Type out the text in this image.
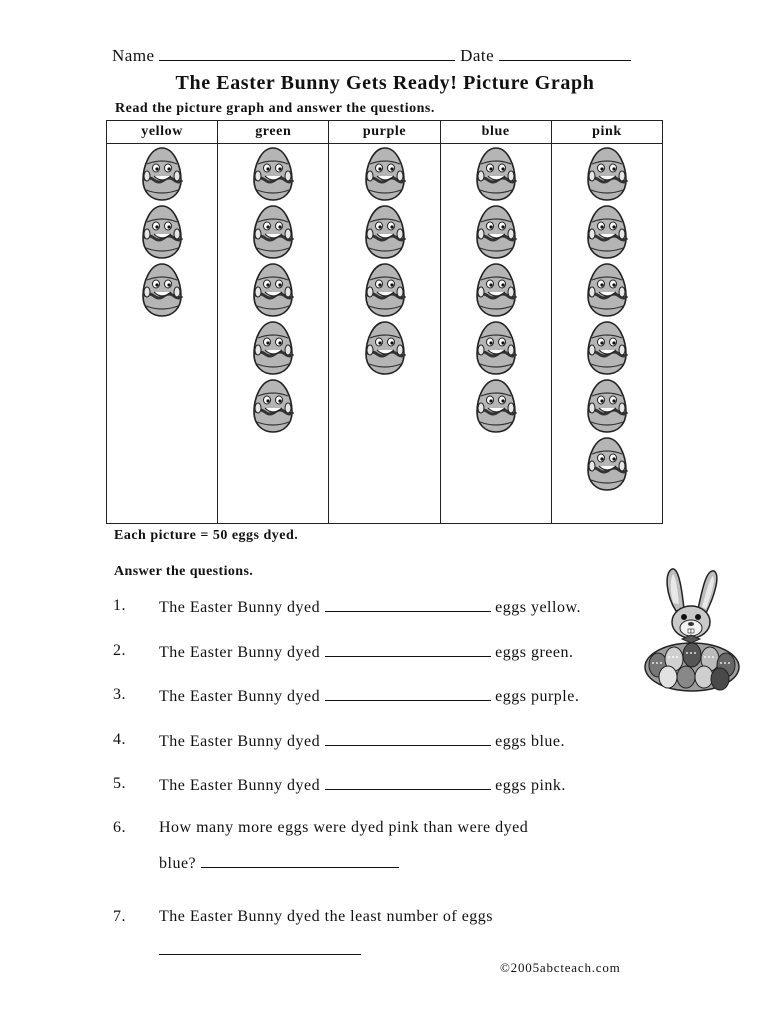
Name	Date
The Easter Bunny Gets Ready! Picture Graph
Read the picture graph and answer the questions.
yellow	green	purple	blue	pink
Each picture = 50 eggs dyed.
Answer the questions.
1. The Easter Bunny dyed	eggs yellow.
2. The Easter Bunny dyed	eggs green.
3. The Easter Bunny dyed	eggs purple.
4. The Easter Bunny dyed	eggs blue.
5. The Easter Bunny dyed	eggs pink.
6. How many more eggs were dyed pink than were dyed
blue?
7. The Easter Bunny dyed the least number of eggs
©2005abcteach.com
